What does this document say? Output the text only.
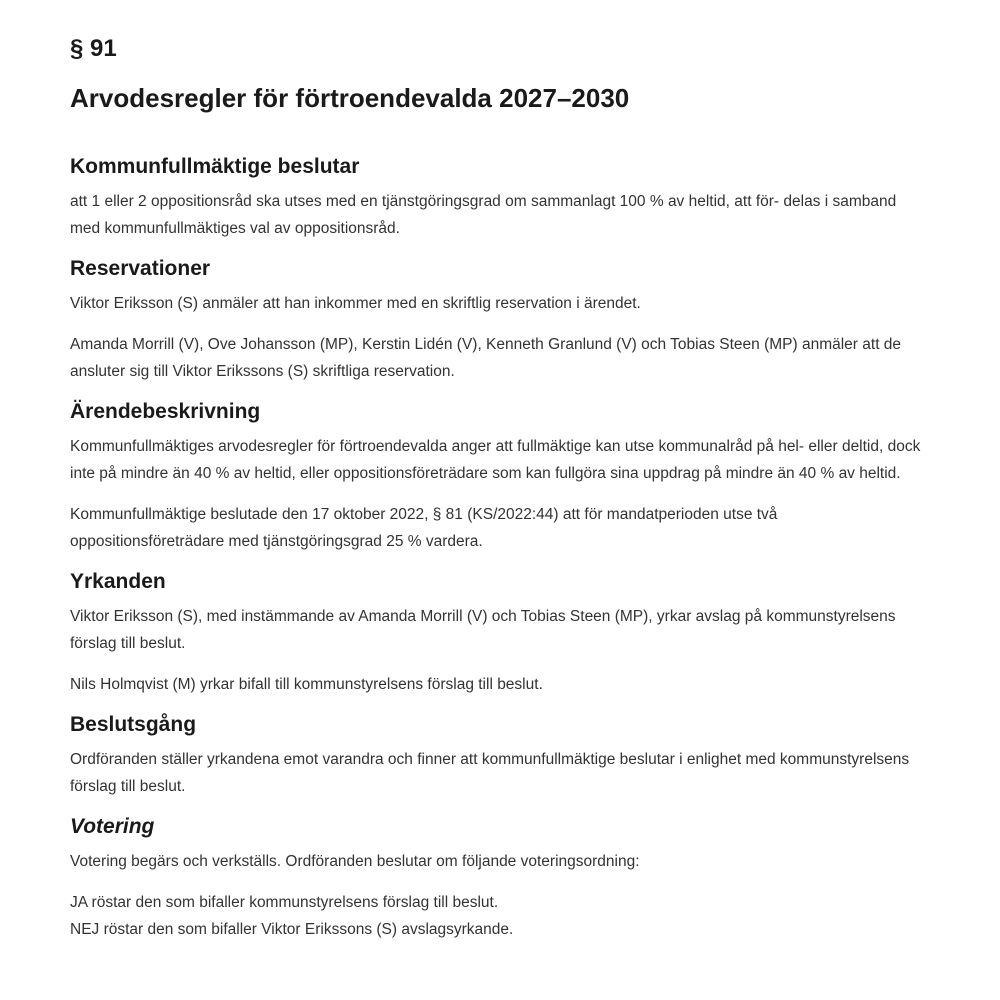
§ 91
Arvodesregler för förtroendevalda 2027–2030
Kommunfullmäktige beslutar

att 1 eller 2 oppositionsråd ska utses med en tjänstgöringsgrad om sammanlagt 100 % av heltid, att för- delas i samband med kommunfullmäktiges val av oppositionsråd.

Reservationer

Viktor Eriksson (S) anmäler att han inkommer med en skriftlig reservation i ärendet.

Amanda Morrill (V), Ove Johansson (MP), Kerstin Lidén (V), Kenneth Granlund (V) och Tobias Steen (MP) anmäler att de ansluter sig till Viktor Erikssons (S) skriftliga reservation.

Ärendebeskrivning

Kommunfullmäktiges arvodesregler för förtroendevalda anger att fullmäktige kan utse kommunalråd på hel- eller deltid, dock inte på mindre än 40 % av heltid, eller oppositionsföreträdare som kan fullgöra sina uppdrag på mindre än 40 % av heltid.

Kommunfullmäktige beslutade den 17 oktober 2022, § 81 (KS/2022:44) att för mandatperioden utse två oppositionsföreträdare med tjänstgöringsgrad 25 % vardera.

Yrkanden

Viktor Eriksson (S), med instämmande av Amanda Morrill (V) och Tobias Steen (MP), yrkar avslag på kommunstyrelsens förslag till beslut.

Nils Holmqvist (M) yrkar bifall till kommunstyrelsens förslag till beslut.

Beslutsgång

Ordföranden ställer yrkandena emot varandra och finner att kommunfullmäktige beslutar i enlighet med kommunstyrelsens förslag till beslut.

Votering

Votering begärs och verkställs. Ordföranden beslutar om följande voteringsordning:

JA röstar den som bifaller kommunstyrelsens förslag till beslut.

NEJ röstar den som bifaller Viktor Erikssons (S) avslagsyrkande.
